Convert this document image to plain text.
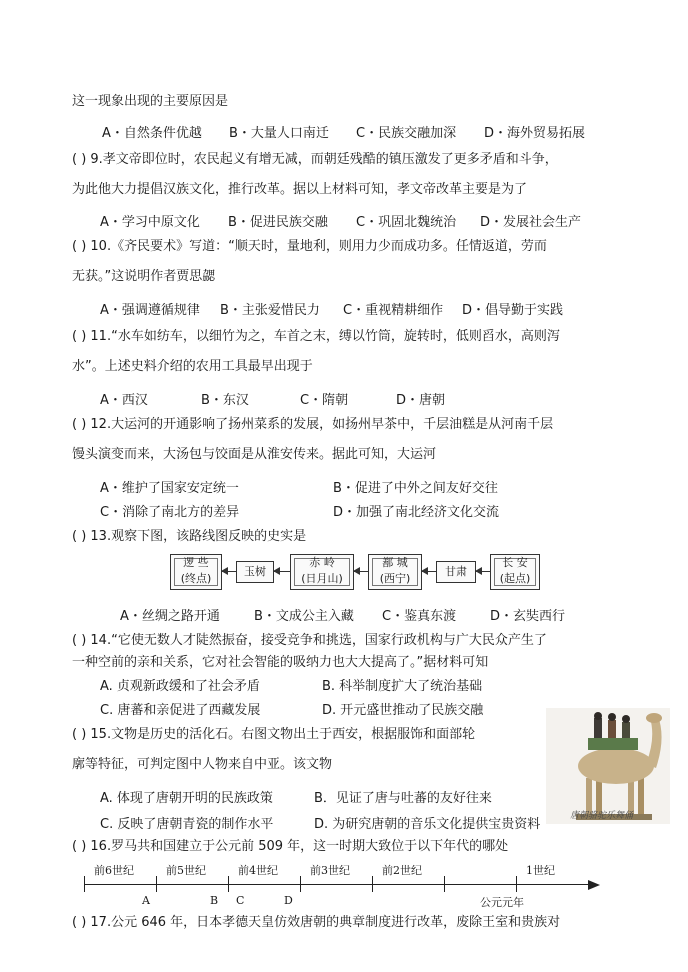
这一现象出现的主要原因是
A・自然条件优越 B・大量人口南迁 C・民族交融加深 D・海外贸易拓展
( ) 9.孝文帝即位时，农民起义有增无减，而朝廷残酷的镇压激发了更多矛盾和斗争，
为此他大力提倡汉族文化，推行改革。据以上材料可知，孝文帝改革主要是为了
A・学习中原文化 B・促进民族交融 C・巩固北魏统治 D・发展社会生产
( ) 10.《齐民要术》写道：“顺天时，量地利，则用力少而成功多。任情返道，劳而
无获。”这说明作者贾思勰
A・强调遵循规律 B・主张爱惜民力 C・重视精耕细作 D・倡导勤于实践
( ) 11.“水车如纺车，以细竹为之，车首之末，缚以竹筒，旋转时，低则舀水，高则泻
水”。上述史料介绍的农用工具最早出现于
A・西汉	B・东汉	C・隋朝	D・唐朝
( ) 12.大运河的开通影响了扬州菜系的发展，如扬州早茶中，千层油糕是从河南千层
馒头演变而来，大汤包与饺面是从淮安传来。据此可知，大运河
A・维护了国家安定统一	B・促进了中外之间友好交往
C・消除了南北方的差异	D・加强了南北经济文化交流
( ) 13.观察下图，该路线图反映的史实是
逻 些
(终点)
玉树
赤 岭
(日月山)
鄯 城
(西宁)
甘肃
长 安
(起点)
A・丝绸之路开通	B・文成公主入藏 C・鉴真东渡	D・玄奘西行
( ) 14.“它使无数人才陡然振奋，接受竞争和挑选，国家行政机构与广大民众产生了
一种空前的亲和关系，它对社会智能的吸纳力也大大提高了。”据材料可知
A. 贞观新政缓和了社会矛盾	B. 科举制度扩大了统治基础
C. 唐蕃和亲促进了西藏发展	D. 开元盛世推动了民族交融
( ) 15.文物是历史的活化石。右图文物出土于西安，根据服饰和面部轮
廓等特征，可判定图中人物来自中亚。该文物
A. 体现了唐朝开明的民族政策	B．见证了唐与吐蕃的友好往来
C. 反映了唐朝青瓷的制作水平	D. 为研究唐朝的音乐文化提供宝贵资料
唐朝骆驼乐舞俑
( ) 16.罗马共和国建立于公元前 509 年，这一时期大致位于以下年代的哪处
前6世纪	前5世纪	前4世纪	前3世纪	前2世纪	1世纪
A	B C	D	公元元年
( ) 17.公元 646 年，日本孝德天皇仿效唐朝的典章制度进行改革，废除王室和贵族对
